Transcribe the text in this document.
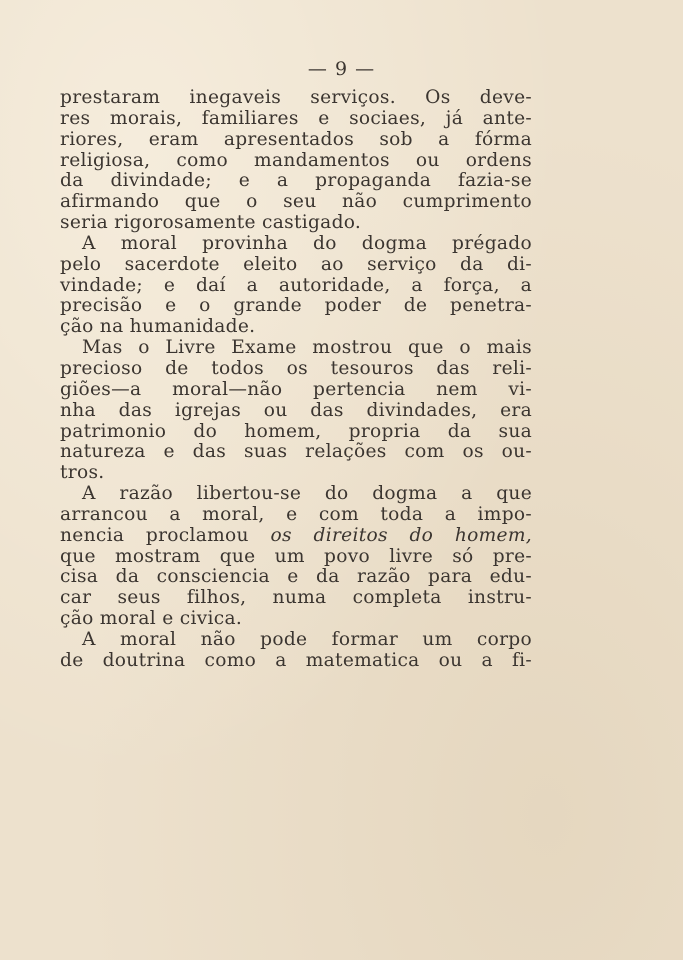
— 9 —
prestaram inegaveis serviços. Os deve-
res morais, familiares e sociaes, já ante-
riores, eram apresentados sob a fórma
religiosa, como mandamentos ou ordens
da divindade; e a propaganda fazia-se
afirmando que o seu não cumprimento
seria rigorosamente castigado.
A moral provinha do dogma prégado
pelo sacerdote eleito ao serviço da di-
vindade; e daí a autoridade, a força, a
precisão e o grande poder de penetra-
ção na humanidade.
Mas o Livre Exame mostrou que o mais
precioso de todos os tesouros das reli-
giões—a moral—não pertencia nem vi-
nha das igrejas ou das divindades, era
patrimonio do homem, propria da sua
natureza e das suas relações com os ou-
tros.
A razão libertou-se do dogma a que
arrancou a moral, e com toda a impo-
nencia proclamou os direitos do homem,
que mostram que um povo livre só pre-
cisa da consciencia e da razão para edu-
car seus filhos, numa completa instru-
ção moral e civica.
A moral não pode formar um corpo
de doutrina como a matematica ou a fi-
